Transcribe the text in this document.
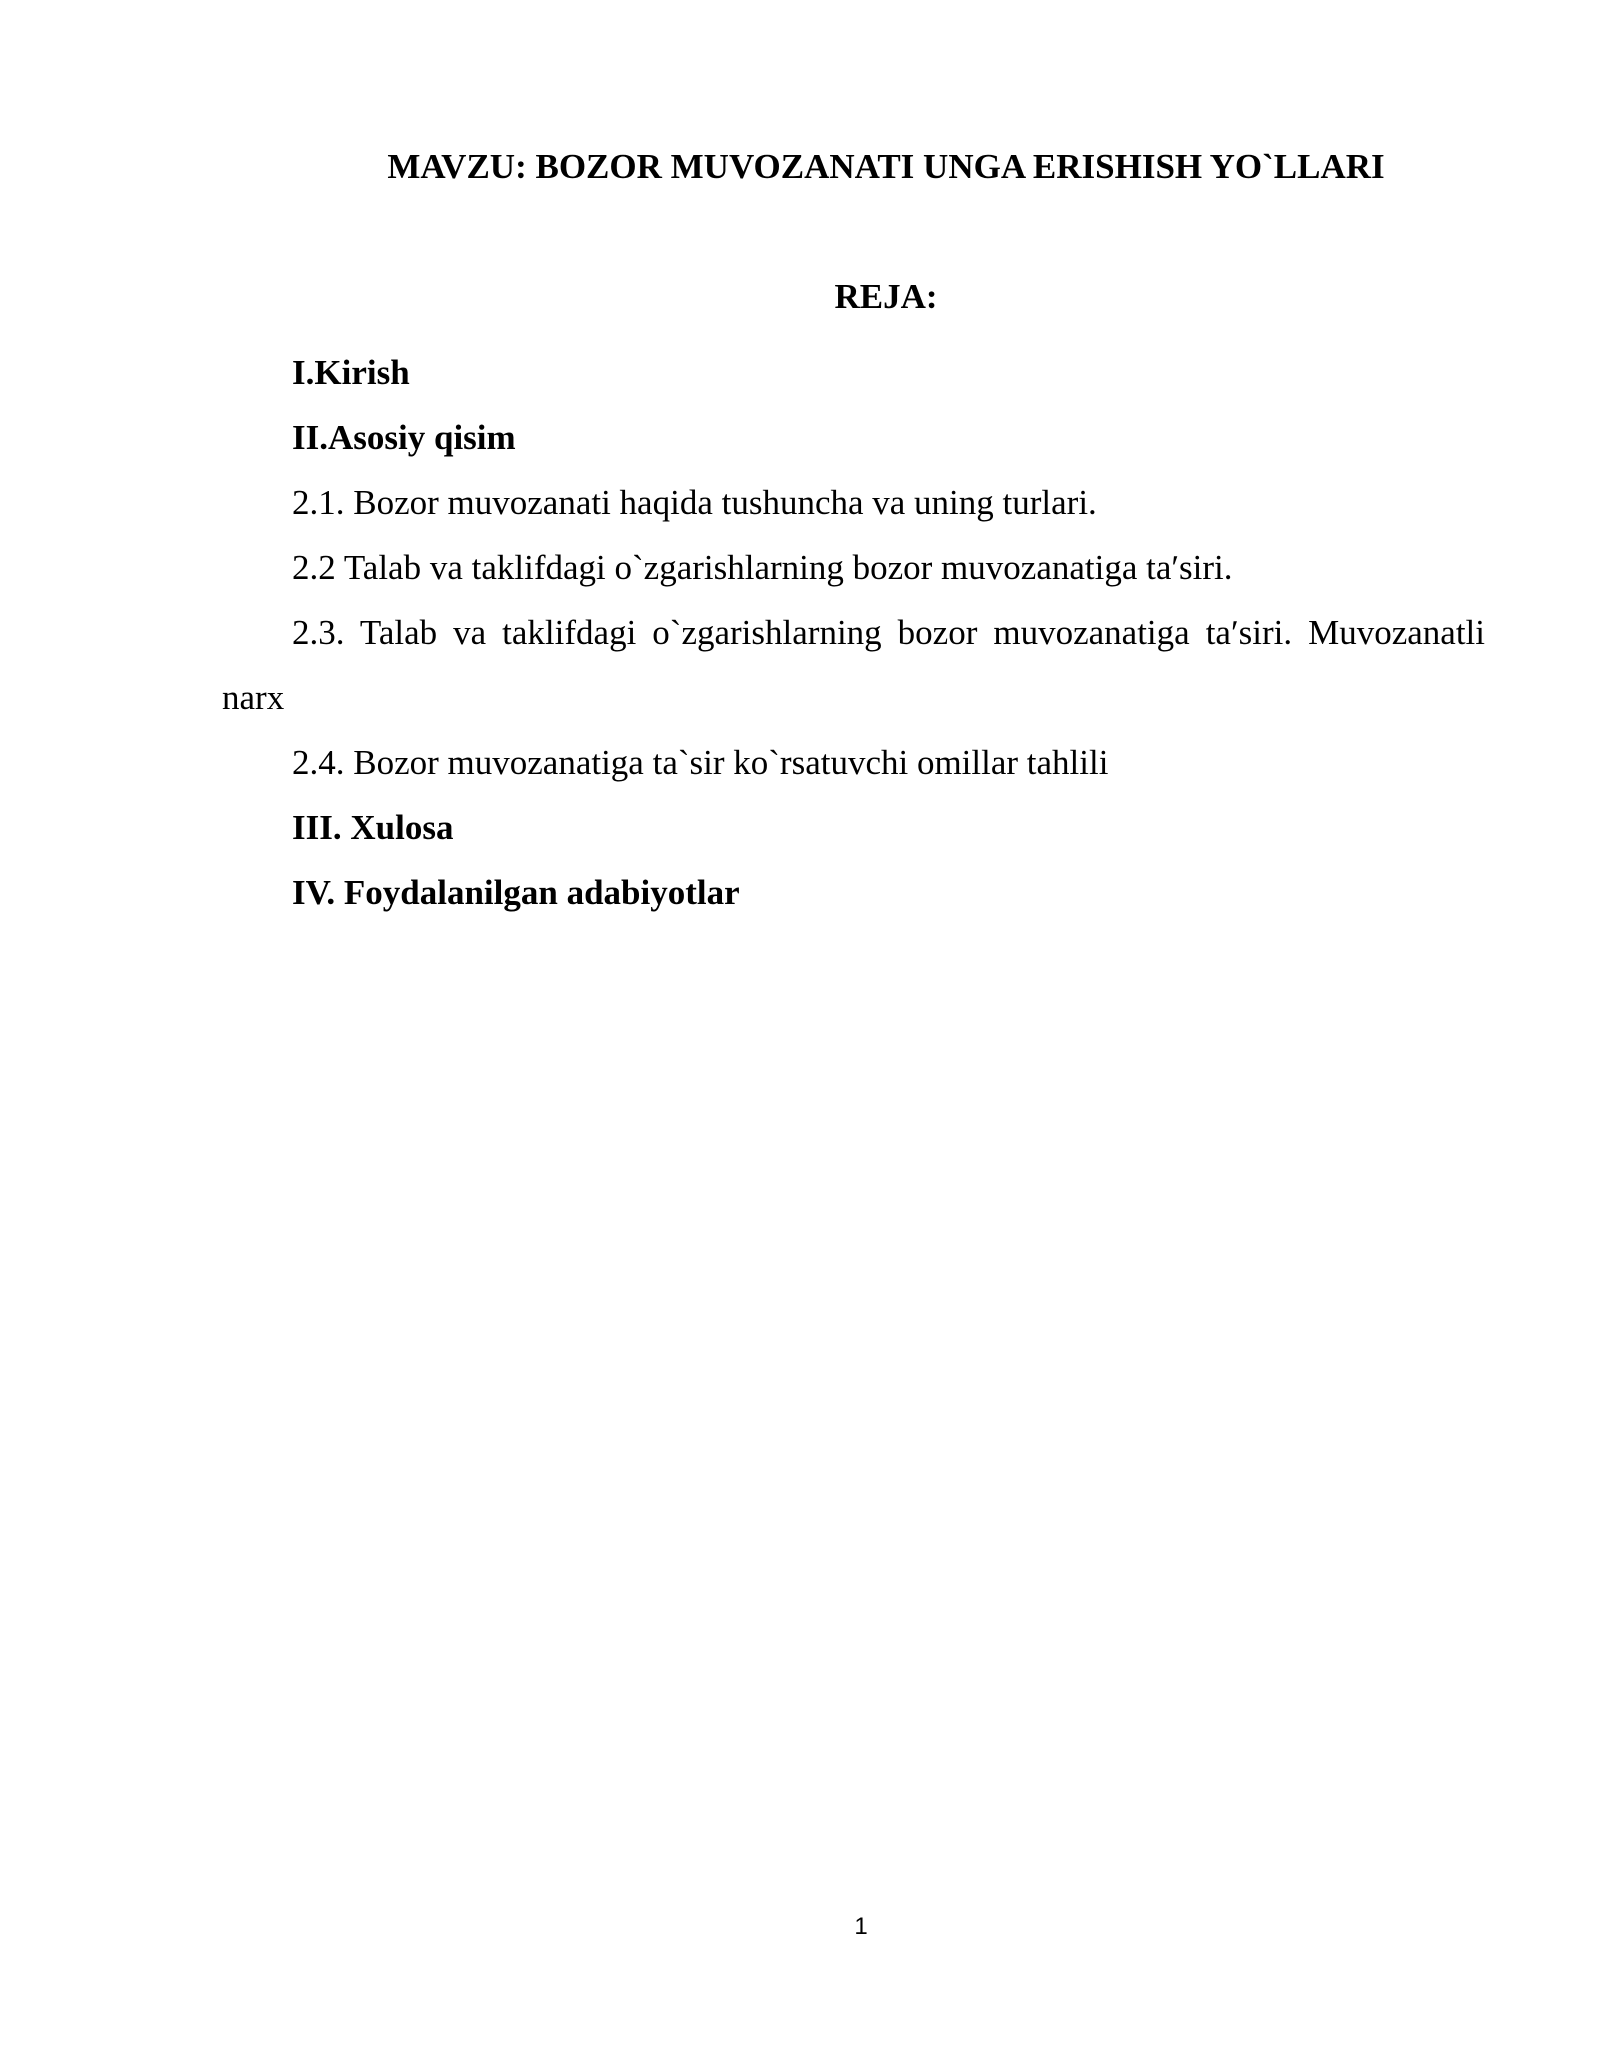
MAVZU: BOZOR MUVOZANATI UNGA ERISHISH YO`LLARI
REJA:
I.Kirish
II.Asosiy qisim
2.1. Bozor muvozanati haqida tushuncha va uning turlari.
2.2 Talab va taklifdagi o`zgarishlarning bozor muvozanatiga taʹsiri.
2.3. Talab va taklifdagi o`zgarishlarning bozor muvozanatiga taʹsiri. Muvozanatli narx
2.4. Bozor muvozanatiga ta`sir ko`rsatuvchi omillar tahlili
III. Xulosa
IV. Foydalanilgan adabiyotlar
1
